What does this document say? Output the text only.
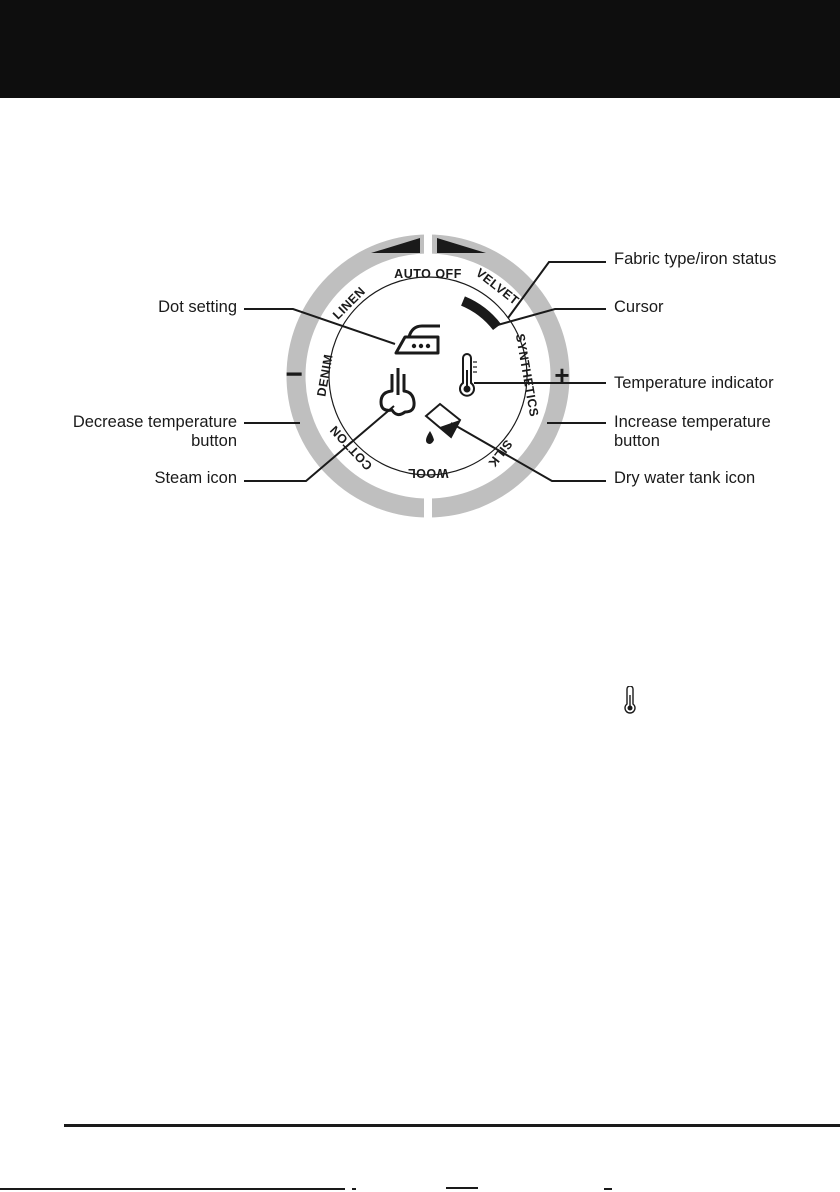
−	+
AUTO OFF VELVET
SYNTHETICS
SILK
WOOL
COTTON
DENIM
LINEN
Fabric type/iron status
Cursor
Temperature indicator
Increase temperature
button
Dry water tank icon
Dot setting
Decrease temperature
button
Steam icon
